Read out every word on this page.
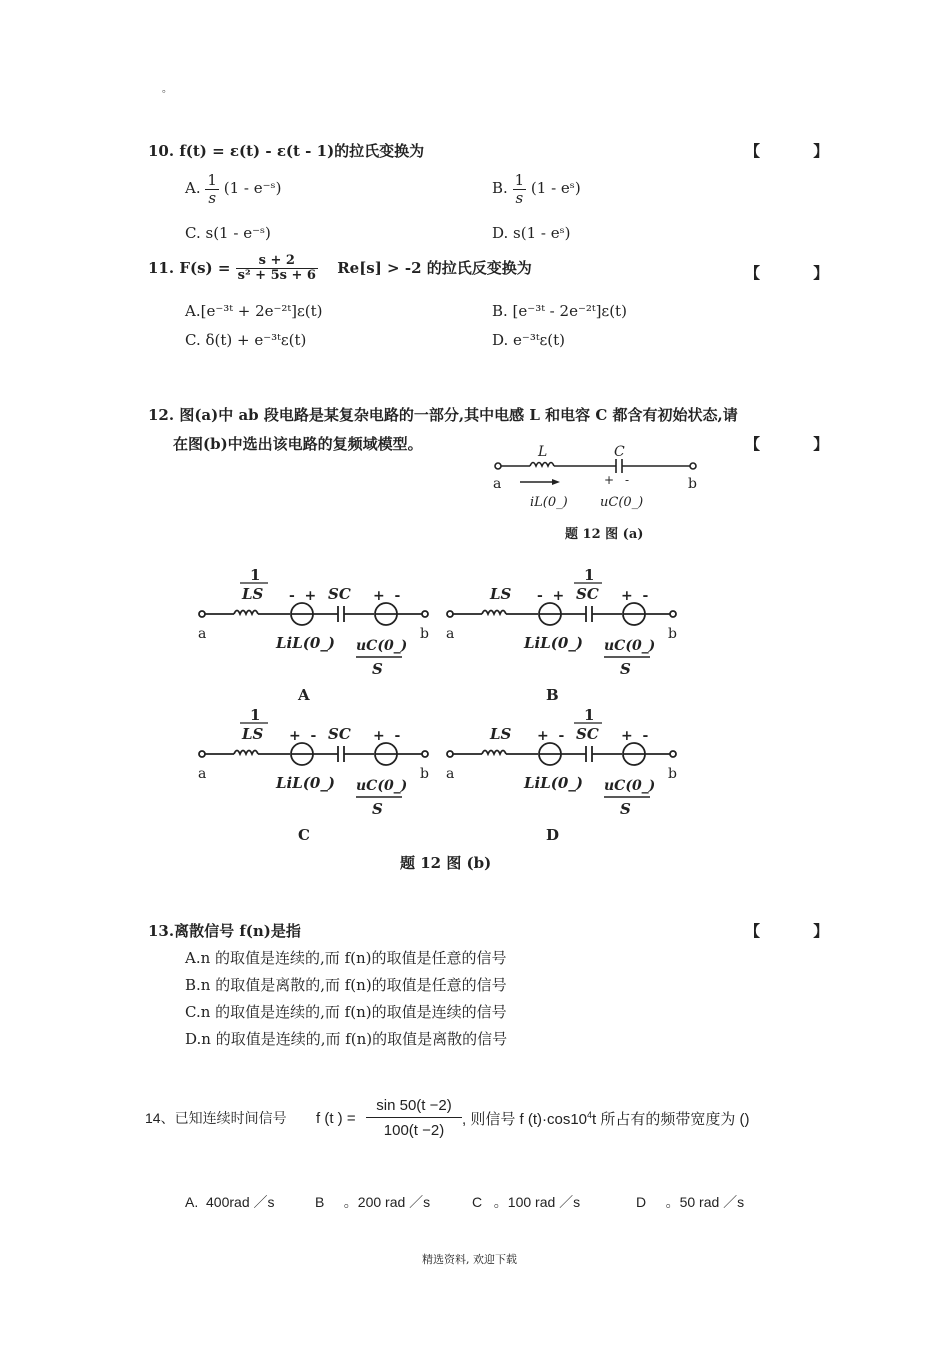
。
10. f(t) = ε(t) - ε(t - 1)的拉氏变换为	【 】
A. $\frac{1}{s} (1$ - e⁻ˢ)	B. $\frac{1}{s} (1$ - eˢ)
C. s(1 - e⁻ˢ)	D. s(1 - eˢ)
11. $F(s) = \frac{s + 2}{\text{s² + 5s + 6}} Re[s] > -2$ 的拉氏反变换为	【 】
A.[e⁻³ᵗ + 2e⁻²ᵗ]ε(t)	B. [e⁻³ᵗ - 2e⁻²ᵗ]ε(t)
C. δ(t) + e⁻³ᵗε(t)	D. e⁻³ᵗε(t)
12. 图(a)中 ab 段电路是某复杂电路的一部分,其中电感 L 和电容 C 都含有初始状态,请
在图(b)中选出该电路的复频域模型。	【 】
L	C
a	b
+ -
iL(0_) uC(0_)
题 12 图 (a)
1
LS	SC
-  +	+  -
a	b
LiL(0_) uC(0_)
S
A
LS
1
SC
-  +	+  -
a	b
LiL(0_) uC(0_)
S
B
1
LS	SC
+  -	+  -
a	b
LiL(0_) uC(0_)
S
C
LS
1
SC
+  -	+  -
a	b
LiL(0_) uC(0_)
S
D
题 12 图 (b)
13.离散信号 f(n)是指	【 】
A.n 的取值是连续的,而 f(n)的取值是任意的信号
B.n 的取值是离散的,而 f(n)的取值是任意的信号
C.n 的取值是连续的,而 f(n)的取值是连续的信号
D.n 的取值是连续的,而 f(n)的取值是离散的信号
14、已知连续时间信号 f (t ) = $\frac{\sin 50(t -2)}{100(t -2)}$ , 则信号 f $(t)\cdot\cos 10^4t$ 所占有的频带宽度为 ()
A. 400rad ／s	B 。200 rad ／s	C 。100 rad ／s	D 。50 rad ／s
精选资料, 欢迎下载
